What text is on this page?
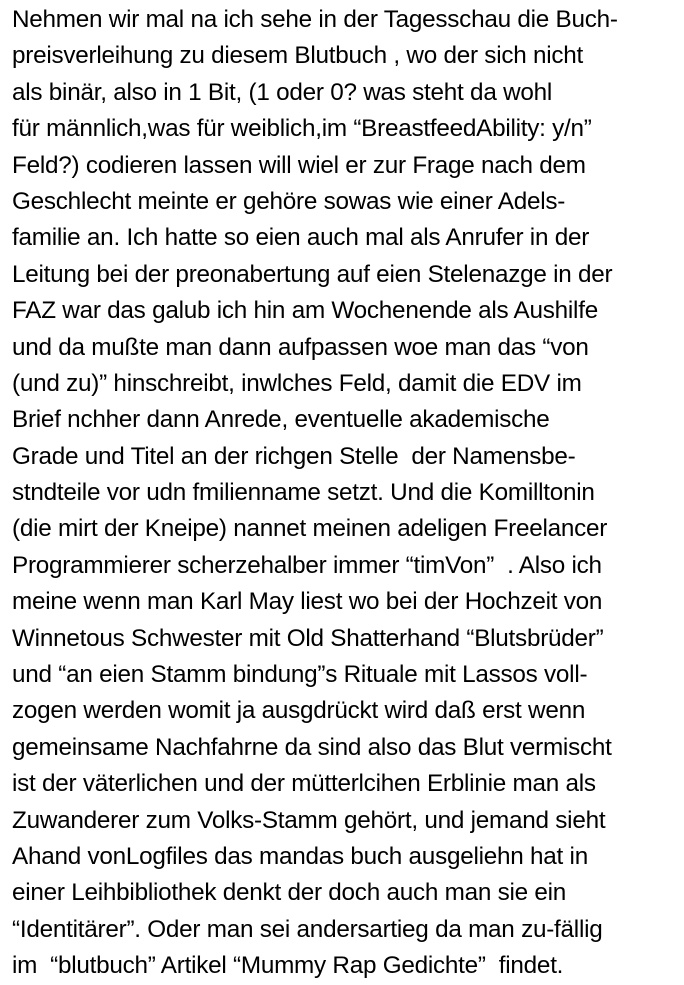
Nehmen wir mal na ich sehe in der Tagesschau die Buch-
preisverleihung zu diesem Blutbuch , wo der sich nicht
als binär, also in 1 Bit, (1 oder 0? was steht da wohl
für männlich,was für weiblich,im “BreastfeedAbility: y/n”
Feld?) codieren lassen will wiel er zur Frage nach dem
Geschlecht meinte er gehöre sowas wie einer Adels-
familie an. Ich hatte so eien auch mal als Anrufer in der
Leitung bei der preonabertung auf eien Stelenazge in der
FAZ war das galub ich hin am Wochenende als Aushilfe
und da mußte man dann aufpassen woe man das “von
(und zu)” hinschreibt, inwlches Feld, damit die EDV im
Brief nchher dann Anrede, eventuelle akademische
Grade und Titel an der richgen Stelle  der Namensbe-
stndteile vor udn fmilienname setzt. Und die Komilltonin
(die mirt der Kneipe) nannet meinen adeligen Freelancer
Programmierer scherzehalber immer “timVon”  . Also ich
meine wenn man Karl May liest wo bei der Hochzeit von
Winnetous Schwester mit Old Shatterhand “Blutsbrüder”
und “an eien Stamm bindung”s Rituale mit Lassos voll-
zogen werden womit ja ausgdrückt wird daß erst wenn
gemeinsame Nachfahrne da sind also das Blut vermischt
ist der väterlichen und der mütterlcihen Erblinie man als
Zuwanderer zum Volks-Stamm gehört, und jemand sieht
Ahand vonLogfiles das mandas buch ausgeliehn hat in
einer Leihbibliothek denkt der doch auch man sie ein
“Identitärer”. Oder man sei andersartieg da man zu-fällig
im  “blutbuch” Artikel “Mummy Rap Gedichte”  findet.
